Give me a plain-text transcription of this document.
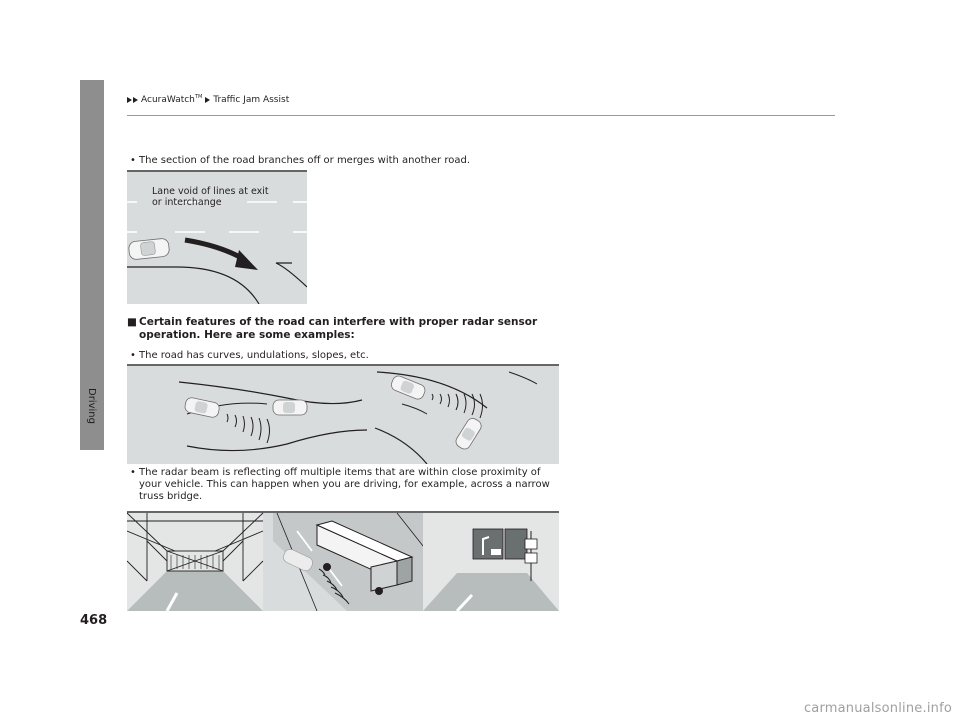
AcuraWatch™ Traffic Jam Assist
Driving
468
• The section of the road branches off or merges with another road.
Lane void of lines at exit
or interchange
■ Certain features of the road can interfere with proper radar sensor
operation. Here are some examples:
• The road has curves, undulations, slopes, etc.
• The radar beam is reflecting off multiple items that are within close proximity of
your vehicle. This can happen when you are driving, for example, across a narrow
truss bridge.
carmanualsonline.info
